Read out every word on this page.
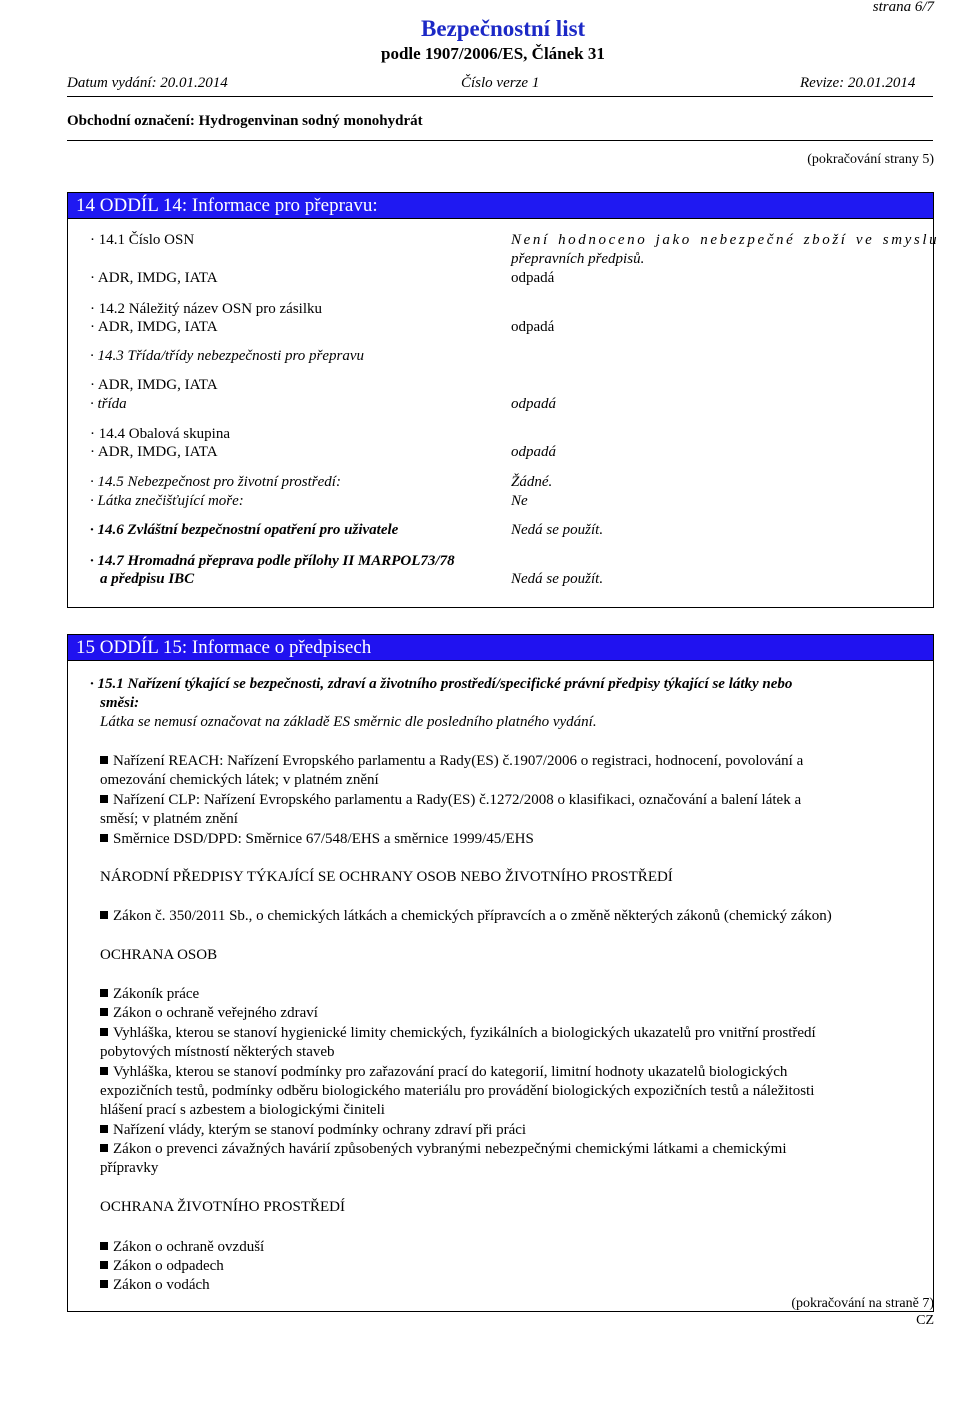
strana 6/7
Bezpečnostní list
podle 1907/2006/ES, Článek 31
Datum vydání: 20.01.2014	Číslo verze 1	Revize: 20.01.2014
Obchodní označení: Hydrogenvinan sodný monohydrát
(pokračování strany 5)
14 ODDÍL 14: Informace pro přepravu:
· 14.1 Číslo OSN	Není hodnoceno jako nebezpečné zboží ve smyslu
přepravních předpisů.
· ADR, IMDG, IATA	odpadá
· 14.2 Náležitý název OSN pro zásilku
· ADR, IMDG, IATA	odpadá
· 14.3 Třída/třídy nebezpečnosti pro přepravu
· ADR, IMDG, IATA
· třída	odpadá
· 14.4 Obalová skupina
· ADR, IMDG, IATA	odpadá
· 14.5 Nebezpečnost pro životní prostředí:	Žádné.
· Látka znečišťující moře:	Ne
· 14.6 Zvláštní bezpečnostní opatření pro uživatele	Nedá se použít.
· 14.7 Hromadná přeprava podle přílohy II MARPOL73/78
a předpisu IBC	Nedá se použít.
15 ODDÍL 15: Informace o předpisech
· 15.1 Nařízení týkající se bezpečnosti, zdraví a životního prostředí/specifické právní předpisy týkající se látky nebo
směsi:
Látka se nemusí označovat na základě ES směrnic dle posledního platného vydání.
Nařízení REACH: Nařízení Evropského parlamentu a Rady(ES) č.1907/2006 o registraci, hodnocení, povolování a
omezování chemických látek; v platném znění
Nařízení CLP: Nařízení Evropského parlamentu a Rady(ES) č.1272/2008 o klasifikaci, označování a balení látek a
směsí; v platném znění
Směrnice DSD/DPD: Směrnice 67/548/EHS a směrnice 1999/45/EHS
NÁRODNÍ PŘEDPISY TÝKAJÍCÍ SE OCHRANY OSOB NEBO ŽIVOTNÍHO PROSTŘEDÍ
Zákon č. 350/2011 Sb., o chemických látkách a chemických přípravcích a o změně některých zákonů (chemický zákon)
OCHRANA OSOB
Zákoník práce
Zákon o ochraně veřejného zdraví
Vyhláška, kterou se stanoví hygienické limity chemických, fyzikálních a biologických ukazatelů pro vnitřní prostředí
pobytových místností některých staveb
Vyhláška, kterou se stanoví podmínky pro zařazování prací do kategorií, limitní hodnoty ukazatelů biologických
expozičních testů, podmínky odběru biologického materiálu pro provádění biologických expozičních testů a náležitosti
hlášení prací s azbestem a biologickými činiteli
Nařízení vlády, kterým se stanoví podmínky ochrany zdraví při práci
Zákon o prevenci závažných havárií způsobených vybranými nebezpečnými chemickými látkami a chemickými
přípravky
OCHRANA ŽIVOTNÍHO PROSTŘEDÍ
Zákon o ochraně ovzduší
Zákon o odpadech
Zákon o vodách
(pokračování na straně 7)
CZ
